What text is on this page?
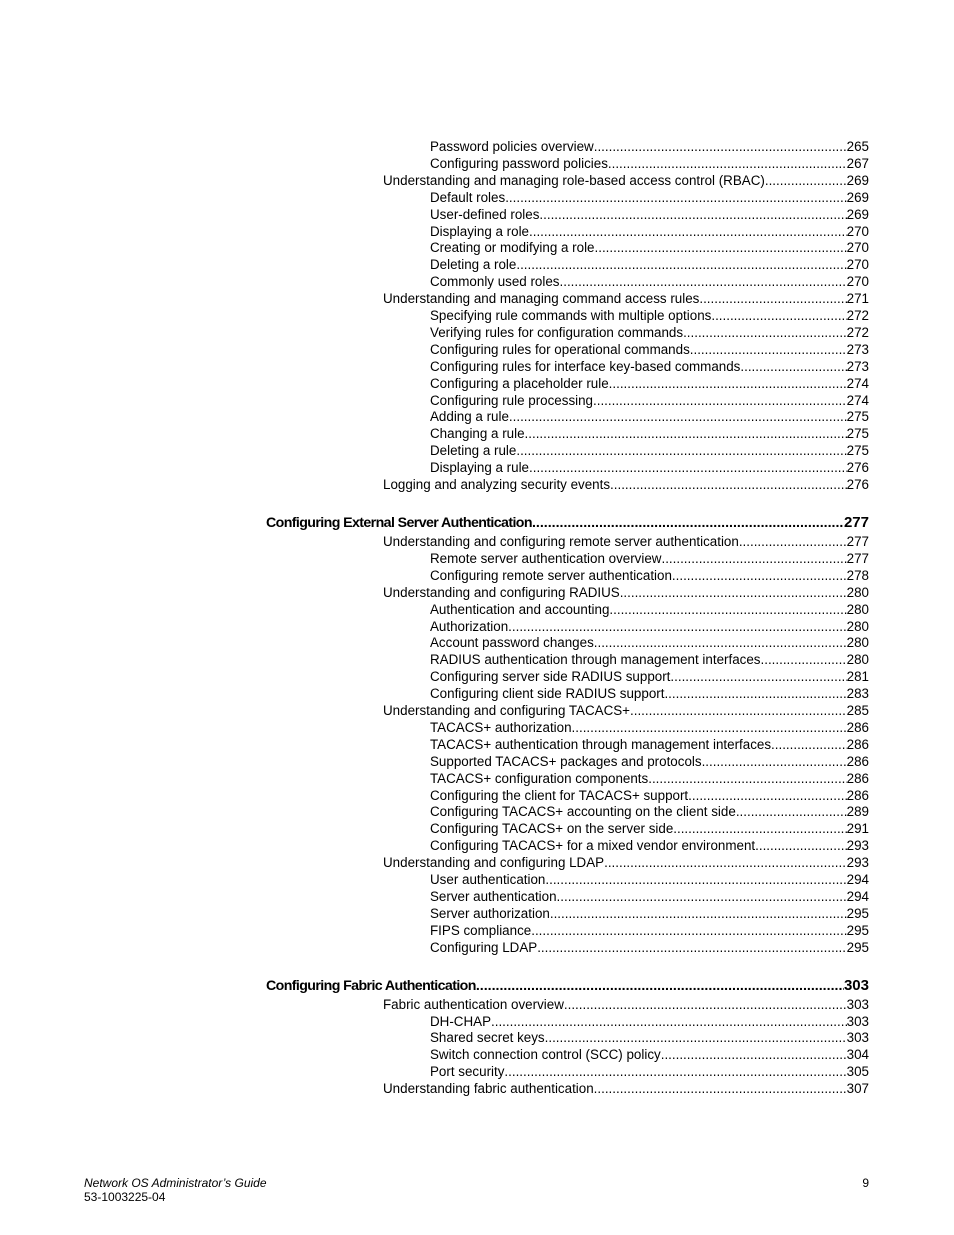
Password policies overview .....	265
Configuring password policies .....	267
Understanding and managing role-based access control (RBAC) .....	269
Default roles .....	269
User-defined roles .....	269
Displaying a role .....	270
Creating or modifying a role .....	270
Deleting a role .....	270
Commonly used roles .....	270
Understanding and managing command access rules .....	271
Specifying rule commands with multiple options .....	272
Verifying rules for configuration commands .....	272
Configuring rules for operational commands .....	273
Configuring rules for interface key-based commands .....	273
Configuring a placeholder rule .....	274
Configuring rule processing .....	274
Adding a rule .....	275
Changing a rule .....	275
Deleting a rule .....	275
Displaying a rule .....	276
Logging and analyzing security events .....	276
Configuring External Server Authentication .....	277
Understanding and configuring remote server authentication .....	277
Remote server authentication overview .....	277
Configuring remote server authentication .....	278
Understanding and configuring RADIUS .....	280
Authentication and accounting .....	280
Authorization .....	280
Account password changes .....	280
RADIUS authentication through management interfaces .....	280
Configuring server side RADIUS support .....	281
Configuring client side RADIUS support .....	283
Understanding and configuring TACACS+ .....	285
TACACS+ authorization .....	286
TACACS+ authentication through management interfaces .....	286
Supported TACACS+ packages and protocols .....	286
TACACS+ configuration components .....	286
Configuring the client for TACACS+ support .....	286
Configuring TACACS+ accounting on the client side .....	289
Configuring TACACS+ on the server side .....	291
Configuring TACACS+ for a mixed vendor environment .....	293
Understanding and configuring LDAP .....	293
User authentication .....	294
Server authentication .....	294
Server authorization .....	295
FIPS compliance .....	295
Configuring LDAP .....	295
Configuring Fabric Authentication .....	303
Fabric authentication overview .....	303
DH-CHAP .....	303
Shared secret keys .....	303
Switch connection control (SCC) policy .....	304
Port security .....	305
Understanding fabric authentication .....	307
Network OS Administrator’s Guide
53-1003225-04
9
